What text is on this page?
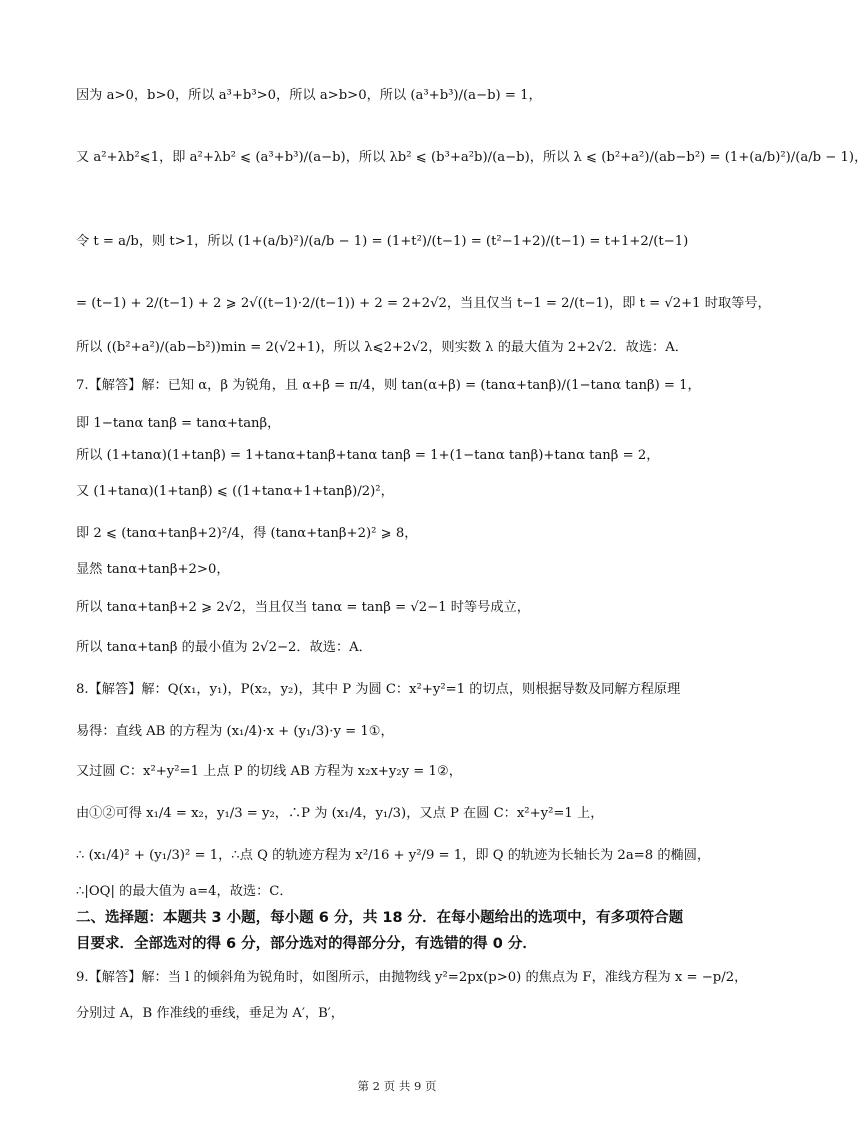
因为 a>0，b>0，所以 a³+b³>0，所以 a>b>0，所以 (a³+b³)/(a−b) = 1，
又 a²+λb²⩽1，即 a²+λb² ⩽ (a³+b³)/(a−b)，所以 λb² ⩽ (b³+a²b)/(a−b)，所以 λ ⩽ (b²+a²)/(ab−b²) = (1+(a/b)²)/(a/b − 1)，
令 t = a/b，则 t>1，所以 (1+(a/b)²)/(a/b − 1) = (1+t²)/(t−1) = (t²−1+2)/(t−1) = t+1+2/(t−1)
= (t−1) + 2/(t−1) + 2 ⩾ 2√((t−1)·2/(t−1)) + 2 = 2+2√2，当且仅当 t−1 = 2/(t−1)，即 t = √2+1 时取等号，
所以 ((b²+a²)/(ab−b²))min = 2(√2+1)，所以 λ⩽2+2√2，则实数 λ 的最大值为 2+2√2．故选：A．
7.【解答】解：已知 α，β 为锐角，且 α+β = π/4，则 tan(α+β) = (tanα+tanβ)/(1−tanα tanβ) = 1，
即 1−tanα tanβ = tanα+tanβ，
所以 (1+tanα)(1+tanβ) = 1+tanα+tanβ+tanα tanβ = 1+(1−tanα tanβ)+tanα tanβ = 2，
又 (1+tanα)(1+tanβ) ⩽ ((1+tanα+1+tanβ)/2)²，
即 2 ⩽ (tanα+tanβ+2)²/4，得 (tanα+tanβ+2)² ⩾ 8，
显然 tanα+tanβ+2>0，
所以 tanα+tanβ+2 ⩾ 2√2，当且仅当 tanα = tanβ = √2−1 时等号成立，
所以 tanα+tanβ 的最小值为 2√2−2．故选：A．
8.【解答】解：Q(x₁，y₁)，P(x₂，y₂)，其中 P 为圆 C：x²+y²=1 的切点，则根据导数及同解方程原理
易得：直线 AB 的方程为 (x₁/4)·x + (y₁/3)·y = 1①，
又过圆 C：x²+y²=1 上点 P 的切线 AB 方程为 x₂x+y₂y = 1②，
由①②可得 x₁/4 = x₂，y₁/3 = y₂，∴P 为 (x₁/4，y₁/3)，又点 P 在圆 C：x²+y²=1 上，
∴ (x₁/4)² + (y₁/3)² = 1，∴点 Q 的轨迹方程为 x²/16 + y²/9 = 1，即 Q 的轨迹为长轴长为 2a=8 的椭圆，
∴|OQ| 的最大值为 a=4，故选：C．
二、选择题：本题共 3 小题，每小题 6 分，共 18 分．在每小题给出的选项中，有多项符合题
目要求．全部选对的得 6 分，部分选对的得部分分，有选错的得 0 分．
9.【解答】解：当 l 的倾斜角为锐角时，如图所示，由抛物线 y²=2px(p>0) 的焦点为 F，准线方程为 x = −p/2，
分别过 A，B 作准线的垂线，垂足为 A′，B′，
第 2 页 共 9 页
